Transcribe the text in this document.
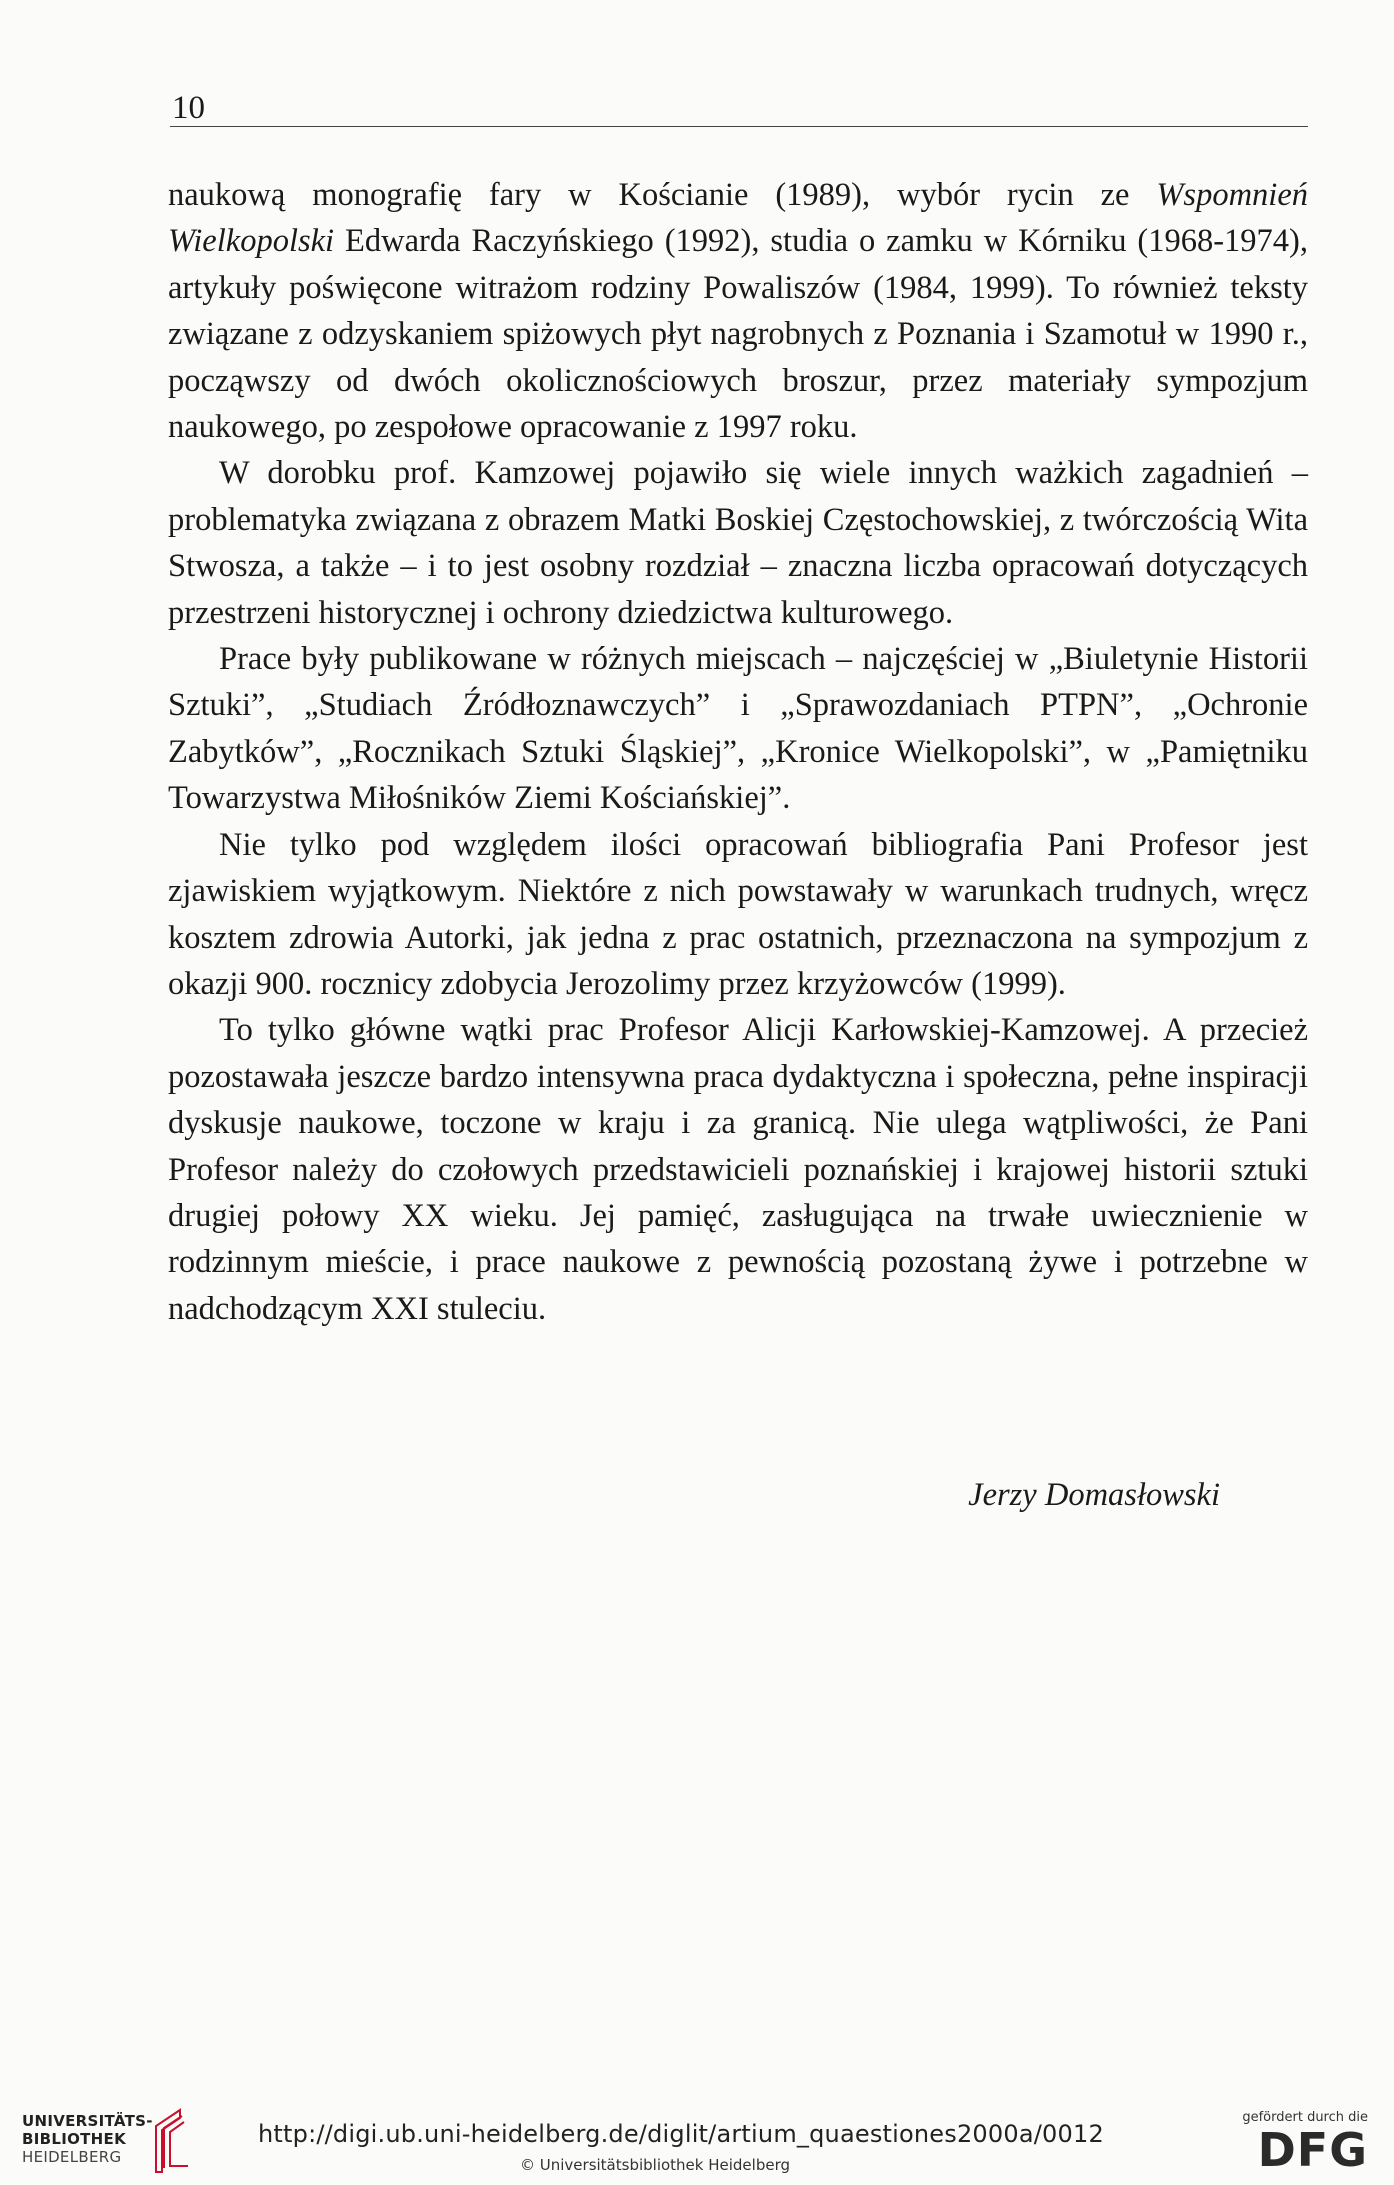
10

naukową monografię fary w Kościanie (1989), wybór rycin ze Wspomnień Wielkopolski Edwarda Raczyńskiego (1992), studia o zamku w Kórniku (1968-1974), artykuły poświęcone witrażom rodziny Powaliszów (1984, 1999). To również teksty związane z odzyskaniem spiżowych płyt nagrobnych z Poznania i Szamotuł w 1990 r., począwszy od dwóch okolicznościowych broszur, przez materiały sympozjum naukowego, po zespołowe opracowanie z 1997 roku.

W dorobku prof. Kamzowej pojawiło się wiele innych ważkich zagadnień – problematyka związana z obrazem Matki Boskiej Częstochowskiej, z twórczością Wita Stwosza, a także – i to jest osobny rozdział – znaczna liczba opracowań dotyczących przestrzeni historycznej i ochrony dziedzictwa kulturowego.

Prace były publikowane w różnych miejscach – najczęściej w „Biuletynie Historii Sztuki”, „Studiach Źródłoznawczych” i „Sprawozdaniach PTPN”, „Ochronie Zabytków”, „Rocznikach Sztuki Śląskiej”, „Kronice Wielkopolski”, w „Pamiętniku Towarzystwa Miłośników Ziemi Kościańskiej”.

Nie tylko pod względem ilości opracowań bibliografia Pani Profesor jest zjawiskiem wyjątkowym. Niektóre z nich powstawały w warunkach trudnych, wręcz kosztem zdrowia Autorki, jak jedna z prac ostatnich, przeznaczona na sympozjum z okazji 900. rocznicy zdobycia Jerozolimy przez krzyżowców (1999).

To tylko główne wątki prac Profesor Alicji Karłowskiej-Kamzowej. A przecież pozostawała jeszcze bardzo intensywna praca dydaktyczna i społeczna, pełne inspiracji dyskusje naukowe, toczone w kraju i za granicą. Nie ulega wątpliwości, że Pani Profesor należy do czołowych przedstawicieli poznańskiej i krajowej historii sztuki drugiej połowy XX wieku. Jej pamięć, zasługująca na trwałe uwiecznienie w rodzinnym mieście, i prace naukowe z pewnością pozostaną żywe i potrzebne w nadchodzącym XXI stuleciu.

Jerzy Domasłowski
UNIVERSITÄTS-
BIBLIOTHEK
HEIDELBERG
http://digi.ub.uni-heidelberg.de/diglit/artium_quaestiones2000a/0012
© Universitätsbibliothek Heidelberg
gefördert durch die
DFG
